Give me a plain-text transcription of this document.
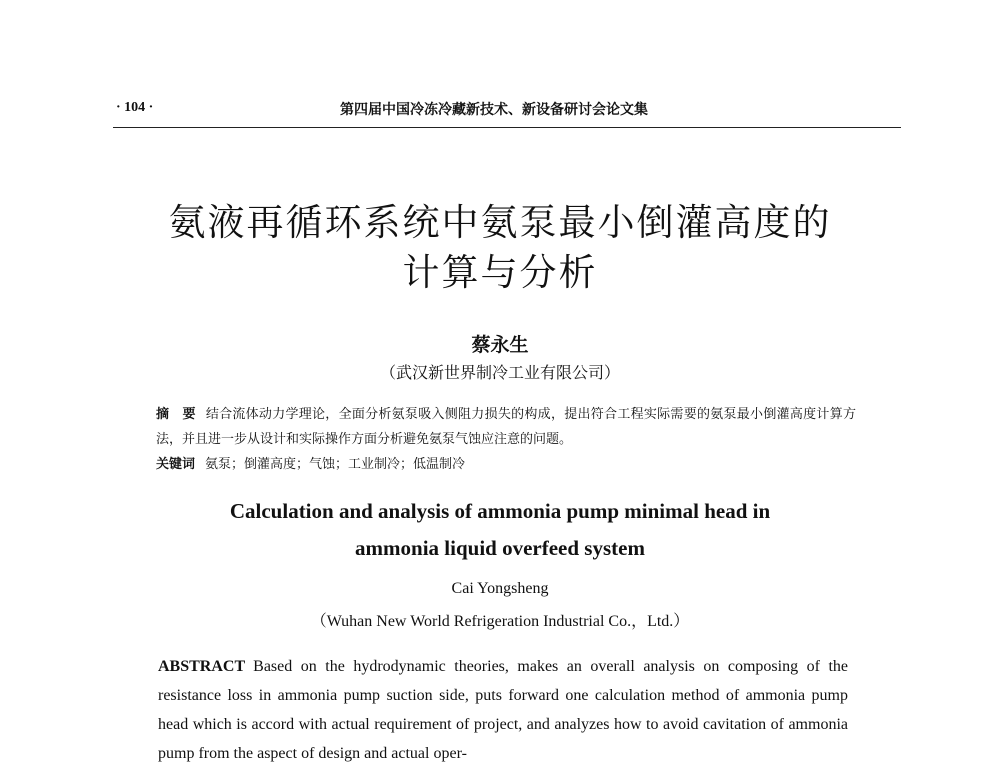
· 104 ·	第四届中国冷冻冷藏新技术、新设备研讨会论文集
氨液再循环系统中氨泵最小倒灌高度的
计算与分析
蔡永生
（武汉新世界制冷工业有限公司）
摘　要 结合流体动力学理论，全面分析氨泵吸入侧阻力损失的构成，提出符合工程实际需要的氨泵最小倒灌高度计算方法，并且进一步从设计和实际操作方面分析避免氨泵气蚀应注意的问题。
关键词 氨泵；倒灌高度；气蚀；工业制冷；低温制冷
Calculation and analysis of ammonia pump minimal head in
ammonia liquid overfeed system
Cai Yongsheng
（Wuhan New World Refrigeration Industrial Co.，Ltd.）
ABSTRACT Based on the hydrodynamic theories, makes an overall analysis on composing of the resistance loss in ammonia pump suction side, puts forward one calculation method of ammonia pump head which is accord with actual requirement of project, and analyzes how to avoid cavitation of ammonia pump from the aspect of design and actual oper-
